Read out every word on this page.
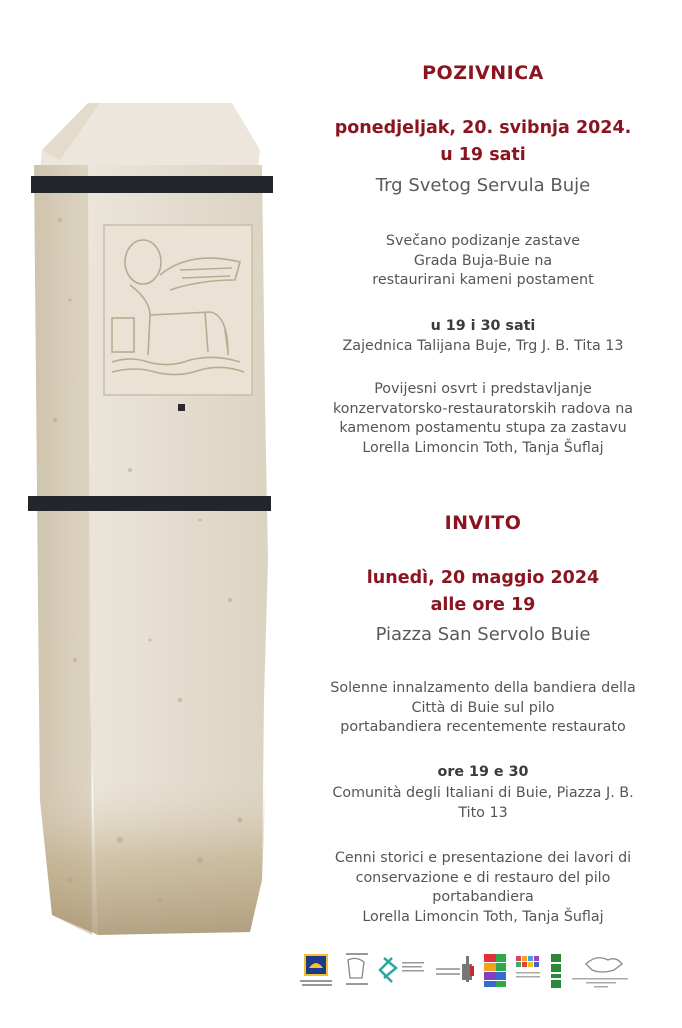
POZIVNICA
ponedjeljak, 20. svibnja 2024.
u 19 sati
Trg Svetog Servula Buje
Svečano podizanje zastave
Grada Buja-Buie na
restaurirani kameni postament
u 19 i 30 sati
Zajednica Talijana Buje, Trg J. B. Tita 13
Povijesni osvrt i predstavljanje
konzervatorsko-restauratorskih radova na
kamenom postamentu stupa za zastavu
Lorella Limoncin Toth, Tanja Šuflaj
INVITO
lunedì, 20 maggio 2024
alle ore 19
Piazza San Servolo Buie
Solenne innalzamento della bandiera della
Città di Buie sul pilo
portabandiera recentemente restaurato
ore 19 e 30
Comunità degli Italiani di Buie, Piazza J. B.
Tito 13
Cenni storici e presentazione dei lavori di
conservazione e di restauro del pilo
portabandiera
Lorella Limoncin Toth, Tanja Šuflaj
